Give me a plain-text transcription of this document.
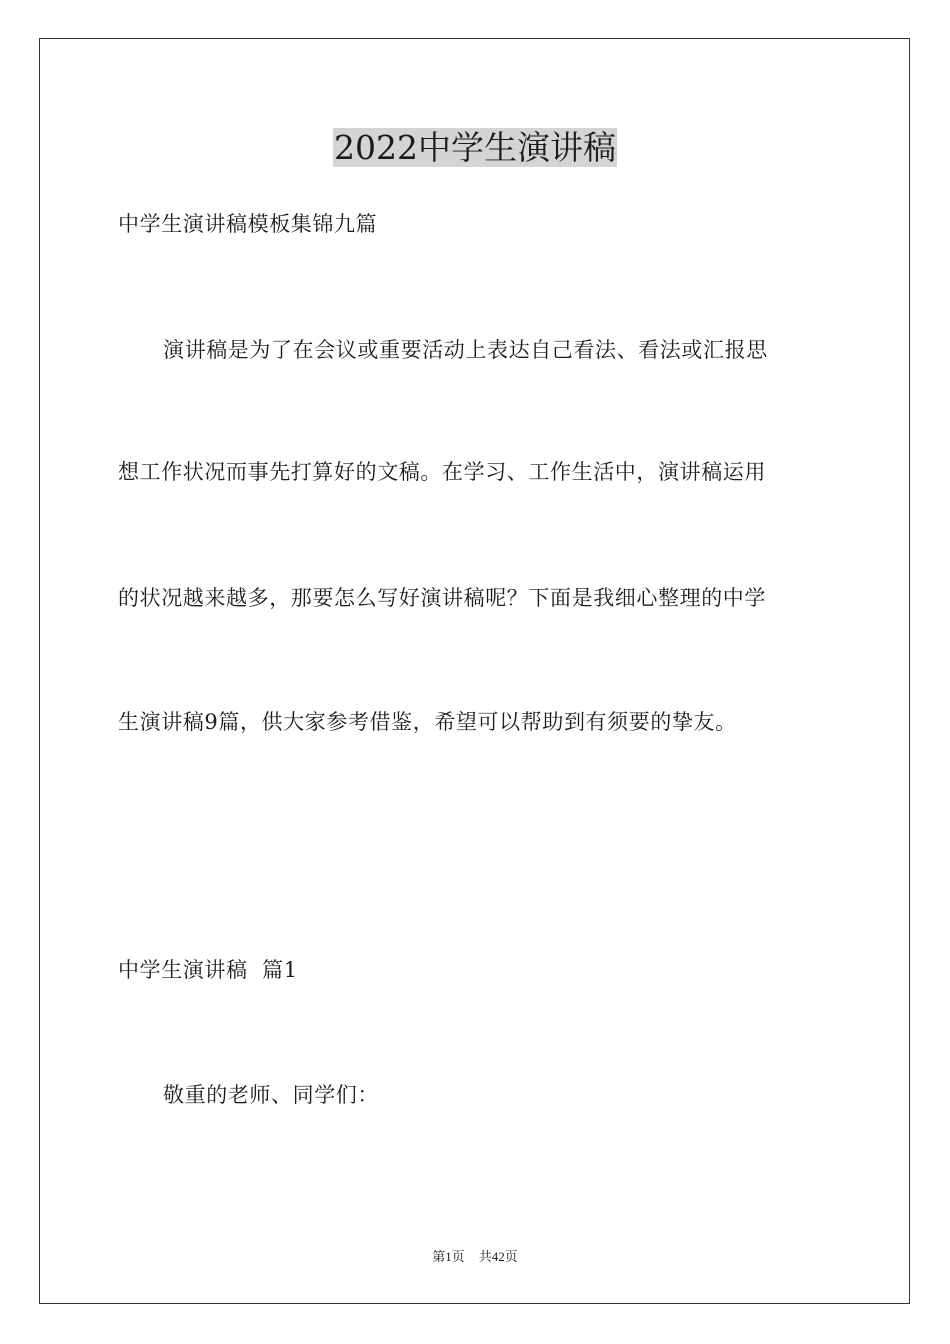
2022中学生演讲稿
中学生演讲稿模板集锦九篇
演讲稿是为了在会议或重要活动上表达自己看法、看法或汇报思
想工作状况而事先打算好的文稿。在学习、工作生活中，演讲稿运用
的状况越来越多，那要怎么写好演讲稿呢？下面是我细心整理的中学
生演讲稿9篇，供大家参考借鉴，希望可以帮助到有须要的挚友。
中学生演讲稿  篇1
敬重的老师、同学们：
第1页 共42页
